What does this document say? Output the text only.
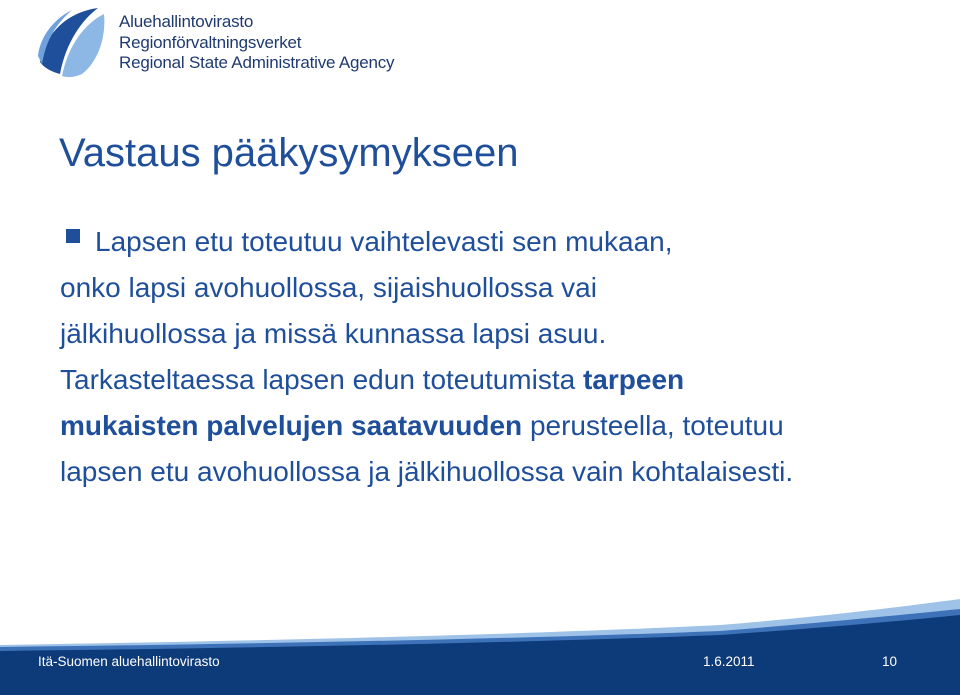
Aluehallintovirasto
Regionförvaltningsverket
Regional State Administrative Agency
Vastaus pääkysymykseen
Lapsen etu toteutuu vaihtelevasti sen mukaan,
onko lapsi avohuollossa, sijaishuollossa vai
jälkihuollossa ja missä kunnassa lapsi asuu.
Tarkasteltaessa lapsen edun toteutumista tarpeen
mukaisten palvelujen saatavuuden perusteella, toteutuu
lapsen etu avohuollossa ja jälkihuollossa vain kohtalaisesti.
Itä-Suomen aluehallintovirasto	1.6.2011	10
